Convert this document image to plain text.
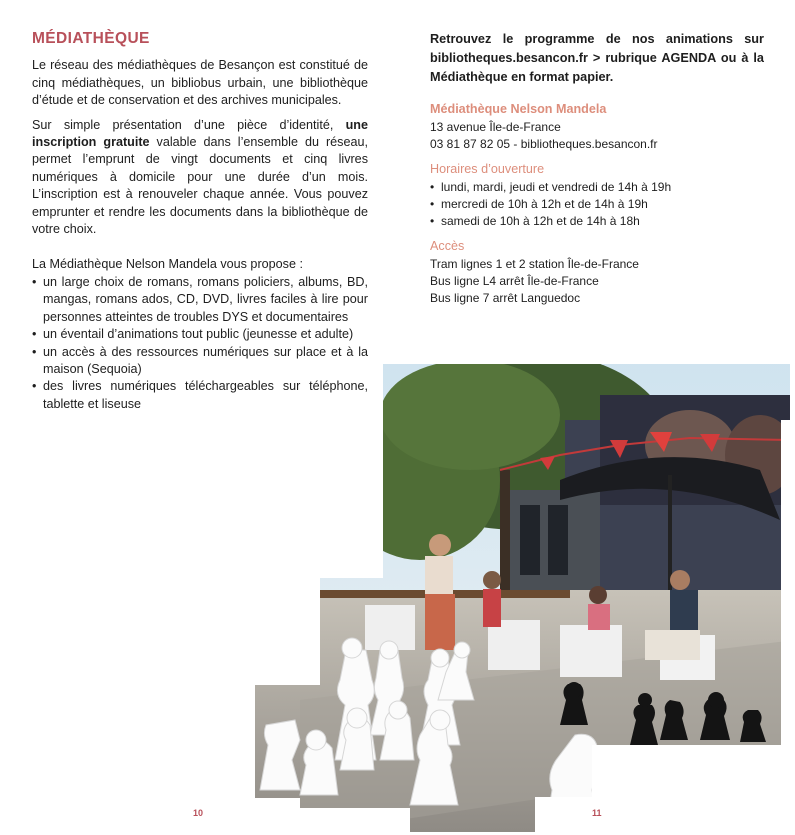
MÉDIATHÈQUE

Le réseau des médiathèques de Besançon est constitué de cinq médiathèques, un bibliobus urbain, une bibliothèque d’étude et de conservation et des archives municipales.

Sur simple présentation d’une pièce d’identité, une inscription gratuite valable dans l’ensemble du réseau, permet l’emprunt de vingt documents et cinq livres numériques à domicile pour une durée d’un mois. L’inscription est à renouveler chaque année. Vous pouvez emprunter et rendre les documents dans la bibliothèque de votre choix.

La Médiathèque Nelson Mandela vous propose :

• un large choix de romans, romans policiers, albums, BD, mangas, romans ados, CD, DVD, livres faciles à lire pour personnes atteintes de troubles DYS et documentaires
• un éventail d’animations tout public (jeunesse et adulte)
• un accès à des ressources numériques sur place et à la maison (Sequoia)
• des livres numériques téléchargeables sur téléphone, tablette et liseuse

Retrouvez le programme de nos animations sur bibliotheques.besancon.fr > rubrique AGENDA ou à la Médiathèque en format papier.

Médiathèque Nelson Mandela
13 avenue Île-de-France
03 81 87 82 05 - bibliotheques.besancon.fr
Horaires d’ouverture
• lundi, mardi, jeudi et vendredi de 14h à 19h
• mercredi de 10h à 12h et de 14h à 19h
• samedi de 10h à 12h et de 14h à 18h
Accès
Tram lignes 1 et 2 station Île-de-France
Bus ligne L4 arrêt Île-de-France
Bus ligne 7 arrêt Languedoc
10	11
